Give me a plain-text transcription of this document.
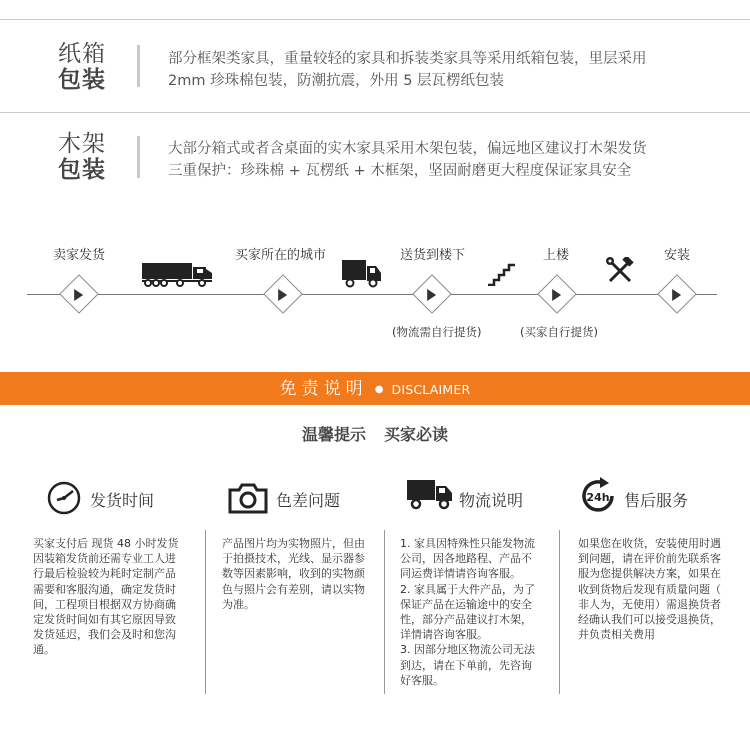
纸箱
包装
部分框架类家具，重量较轻的家具和拆装类家具等采用纸箱包装，里层采用
2mm 珍珠棉包装，防潮抗震，外用 5 层瓦楞纸包装
木架
包装
大部分箱式或者含桌面的实木家具采用木架包装，偏远地区建议打木架发货
三重保护：珍珠棉 + 瓦楞纸 + 木框架，坚固耐磨更大程度保证家具安全
卖家发货	买家所在的城市	送货到楼下	上楼	安装
(物流需自行提货)	(买家自行提货)
免责说明 ● DISCLAIMER
温馨提示 买家必读
发货时间

买家支付后 现货 48 小时发货

因装箱发货前还需专业工人进

行最后检验较为耗时定制产品

需要和客服沟通，确定发货时

间，工程项目根据双方协商确

定发货时间如有其它原因导致

发货延迟，我们会及时和您沟

通。

色差问题

产品图片均为实物照片，但由

于拍摄技术，光线、显示器参

数等因素影响，收到的实物颜

色与照片会有差别，请以实物

为准。

物流说明

1. 家具因特殊性只能发物流

公司，因各地路程、产品不

同运费详情请咨询客服。

2. 家具属于大件产品，为了

保证产品在运输途中的安全

性，部分产品建议打木架，

详情请咨询客服。

3. 因部分地区物流公司无法

到达，请在下单前，先咨询

好客服。

24h 售后服务

如果您在收货，安装使用时遇

到问题，请在评价前先联系客

服为您提供解决方案，如果在

收到货物后发现有质量问题（

非人为，无使用）需退换货者

经确认我们可以接受退换货，

并负责相关费用
